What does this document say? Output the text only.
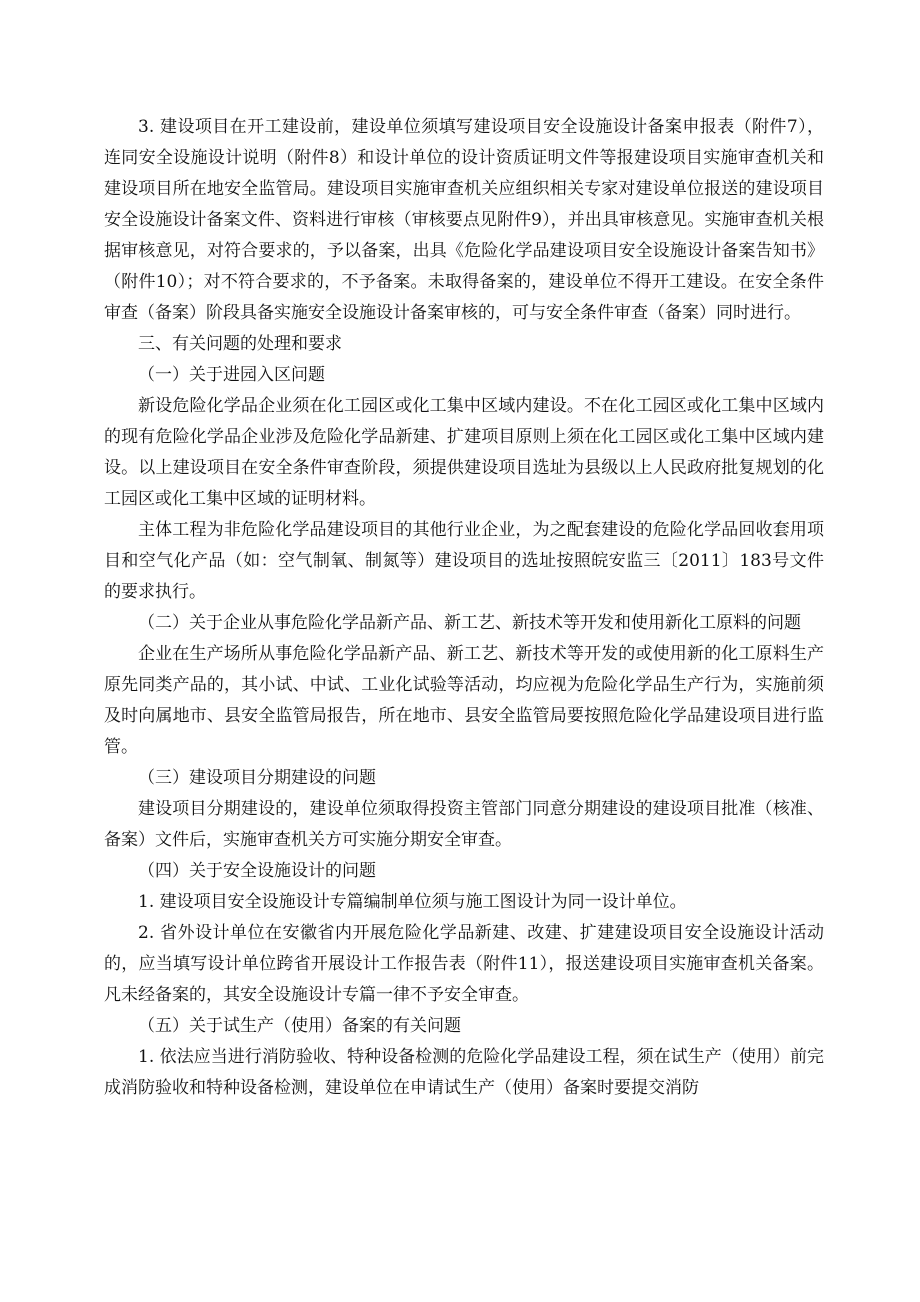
3. 建设项目在开工建设前，建设单位须填写建设项目安全设施设计备案申报表（附件7），连同安全设施设计说明（附件8）和设计单位的设计资质证明文件等报建设项目实施审查机关和建设项目所在地安全监管局。建设项目实施审查机关应组织相关专家对建设单位报送的建设项目安全设施设计备案文件、资料进行审核（审核要点见附件9），并出具审核意见。实施审查机关根据审核意见，对符合要求的，予以备案，出具《危险化学品建设项目安全设施设计备案告知书》（附件10）；对不符合要求的，不予备案。未取得备案的，建设单位不得开工建设。在安全条件审查（备案）阶段具备实施安全设施设计备案审核的，可与安全条件审查（备案）同时进行。

三、有关问题的处理和要求

（一）关于进园入区问题

新设危险化学品企业须在化工园区或化工集中区域内建设。不在化工园区或化工集中区域内的现有危险化学品企业涉及危险化学品新建、扩建项目原则上须在化工园区或化工集中区域内建设。以上建设项目在安全条件审查阶段，须提供建设项目选址为县级以上人民政府批复规划的化工园区或化工集中区域的证明材料。

主体工程为非危险化学品建设项目的其他行业企业，为之配套建设的危险化学品回收套用项目和空气化产品（如：空气制氧、制氮等）建设项目的选址按照皖安监三〔2011〕183号文件的要求执行。

（二）关于企业从事危险化学品新产品、新工艺、新技术等开发和使用新化工原料的问题

企业在生产场所从事危险化学品新产品、新工艺、新技术等开发的或使用新的化工原料生产原先同类产品的，其小试、中试、工业化试验等活动，均应视为危险化学品生产行为，实施前须及时向属地市、县安全监管局报告，所在地市、县安全监管局要按照危险化学品建设项目进行监管。

（三）建设项目分期建设的问题

建设项目分期建设的，建设单位须取得投资主管部门同意分期建设的建设项目批准（核准、备案）文件后，实施审查机关方可实施分期安全审查。

（四）关于安全设施设计的问题

1. 建设项目安全设施设计专篇编制单位须与施工图设计为同一设计单位。

2. 省外设计单位在安徽省内开展危险化学品新建、改建、扩建建设项目安全设施设计活动的，应当填写设计单位跨省开展设计工作报告表（附件11），报送建设项目实施审查机关备案。凡未经备案的，其安全设施设计专篇一律不予安全审查。

（五）关于试生产（使用）备案的有关问题

1. 依法应当进行消防验收、特种设备检测的危险化学品建设工程，须在试生产（使用）前完成消防验收和特种设备检测，建设单位在申请试生产（使用）备案时要提交消防
